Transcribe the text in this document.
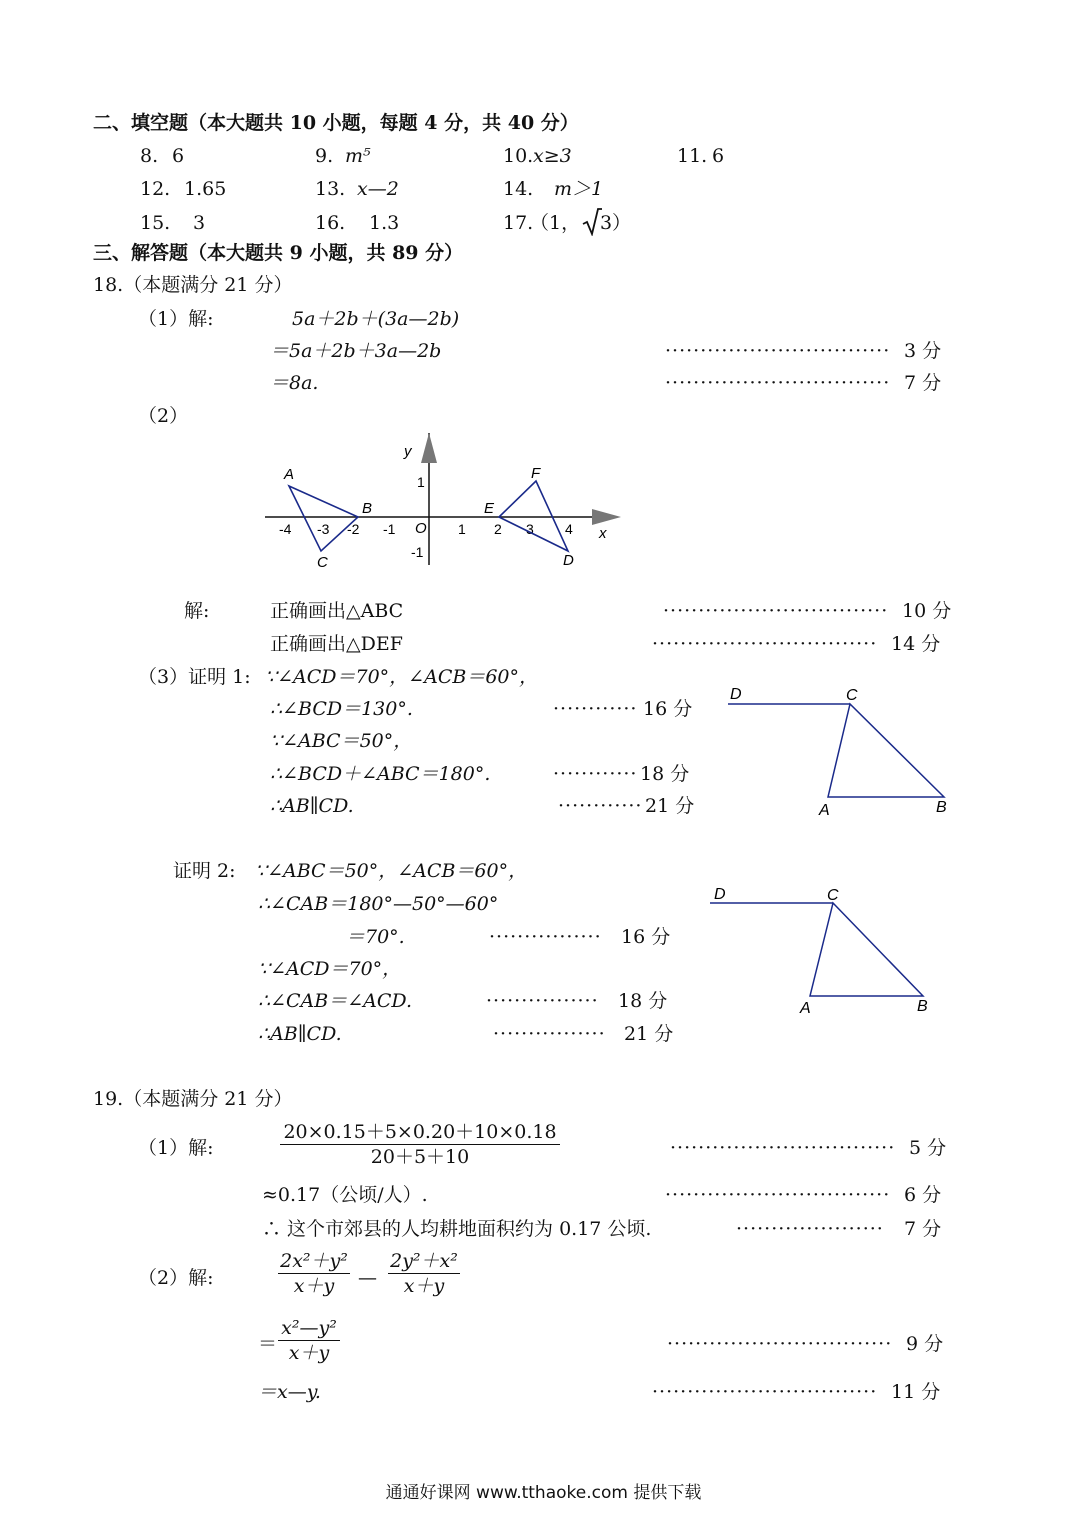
二、填空题（本大题共 10 小题，每题 4 分，共 40 分）
8. 6	9. m⁵	10. x≥3	11. 6
12. 1.65	13. x—2	14. m＞1
15. 3	16. 1.3	17.
（1， 3 ）
三、解答题（本大题共 9 小题，共 89 分）
18.（本题满分 21 分）
（1）解:	5a＋2b＋(3a—2b)
＝5a＋2b＋3a—2b	································ 3 分
＝8a.	································ 7 分
（2）
y
x
O
-4 -3 -2 -1	1 2 3 4
1
-1
A
B
C	D
E
F
解:	正确画出△ABC	································ 10 分
正确画出△DEF	································ 14 分
（3）证明 1: ∵∠ACD＝70°，∠ACB＝60°，
∴∠BCD＝130°.	············ 16 分
∵∠ABC＝50°，
∴∠BCD＋∠ABC＝180°.	············ 18 分
∴AB∥CD.	············ 21 分
D	C
A	B
证明 2: ∵∠ABC＝50°，∠ACB＝60°，
∴∠CAB＝180°—50°—60°
＝70°.	················ 16 分
∵∠ACD＝70°，
∴∠CAB＝∠ACD.	················ 18 分
∴AB∥CD.	················ 21 分
D	C
A	B
19.（本题满分 21 分）
（1）解:
20×0.15＋5×0.20＋10×0.18
20＋5＋10	································ 5 分
≈0.17（公顷/人）.	································ 6 分
∴ 这个市郊县的人均耕地面积约为 0.17 公顷.	····················· 7 分
（2）解:
2x²＋y²
x＋y	—
2y²＋x²
x＋y
＝
x²—y²
x＋y	································ 9 分
＝x—y.	································ 11 分
通通好课网 www.tthaoke.com 提供下载
